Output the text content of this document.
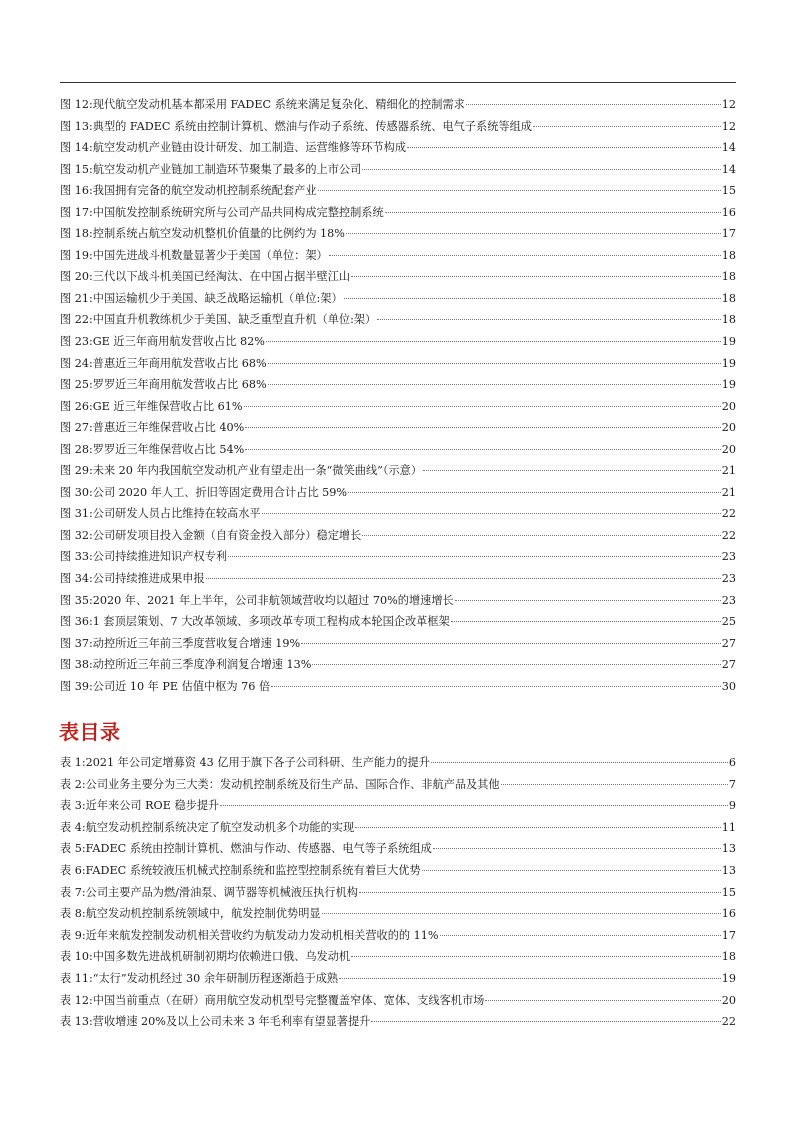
图 12: 现代航空发动机基本都采用 FADEC 系统来满足复杂化、精细化的控制需求	12
图 13: 典型的 FADEC 系统由控制计算机、燃油与作动子系统、传感器系统、电气子系统等组成	12
图 14: 航空发动机产业链由设计研发、加工制造、运营维修等环节构成	14
图 15: 航空发动机产业链加工制造环节聚集了最多的上市公司	14
图 16: 我国拥有完备的航空发动机控制系统配套产业	15
图 17: 中国航发控制系统研究所与公司产品共同构成完整控制系统	16
图 18: 控制系统占航空发动机整机价值量的比例约为 18%	17
图 19: 中国先进战斗机数量显著少于美国（单位：架）	18
图 20: 三代以下战斗机美国已经淘汰、在中国占据半壁江山	18
图 21: 中国运输机少于美国、缺乏战略运输机（单位:架）	18
图 22: 中国直升机教练机少于美国、缺乏重型直升机（单位:架）	18
图 23: GE 近三年商用航发营收占比 82%	19
图 24: 普惠近三年商用航发营收占比 68%	19
图 25: 罗罗近三年商用航发营收占比 68%	19
图 26: GE 近三年维保营收占比 61%	20
图 27: 普惠近三年维保营收占比 40%	20
图 28: 罗罗近三年维保营收占比 54%	20
图 29: 未来 20 年内我国航空发动机产业有望走出一条“微笑曲线”（示意）	21
图 30: 公司 2020 年人工、折旧等固定费用合计占比 59%	21
图 31: 公司研发人员占比维持在较高水平	22
图 32: 公司研发项目投入金额（自有资金投入部分）稳定增长	22
图 33: 公司持续推进知识产权专利	23
图 34: 公司持续推进成果申报	23
图 35: 2020 年、2021 年上半年，公司非航领域营收均以超过 70%的增速增长	23
图 36: 1 套顶层策划、7 大改革领域、多项改革专项工程构成本轮国企改革框架	25
图 37: 动控所近三年前三季度营收复合增速 19%	27
图 38: 动控所近三年前三季度净利润复合增速 13%	27
图 39: 公司近 10 年 PE 估值中枢为 76 倍	30
表目录
表 1: 2021 年公司定增募资 43 亿用于旗下各子公司科研、生产能力的提升	6
表 2: 公司业务主要分为三大类：发动机控制系统及衍生产品、国际合作、非航产品及其他	7
表 3: 近年来公司 ROE 稳步提升	9
表 4: 航空发动机控制系统决定了航空发动机多个功能的实现	11
表 5: FADEC 系统由控制计算机、燃油与作动、传感器、电气等子系统组成	13
表 6: FADEC 系统较液压机械式控制系统和监控型控制系统有着巨大优势	13
表 7: 公司主要产品为燃/滑油泵、调节器等机械液压执行机构	15
表 8: 航空发动机控制系统领域中，航发控制优势明显	16
表 9: 近年来航发控制发动机相关营收约为航发动力发动机相关营收的的 11%	17
表 10: 中国多数先进战机研制初期均依赖进口俄、乌发动机	18
表 11: “太行”发动机经过 30 余年研制历程逐渐趋于成熟	19
表 12: 中国当前重点（在研）商用航空发动机型号完整覆盖窄体、宽体、支线客机市场	20
表 13: 营收增速 20%及以上公司未来 3 年毛利率有望显著提升	22
